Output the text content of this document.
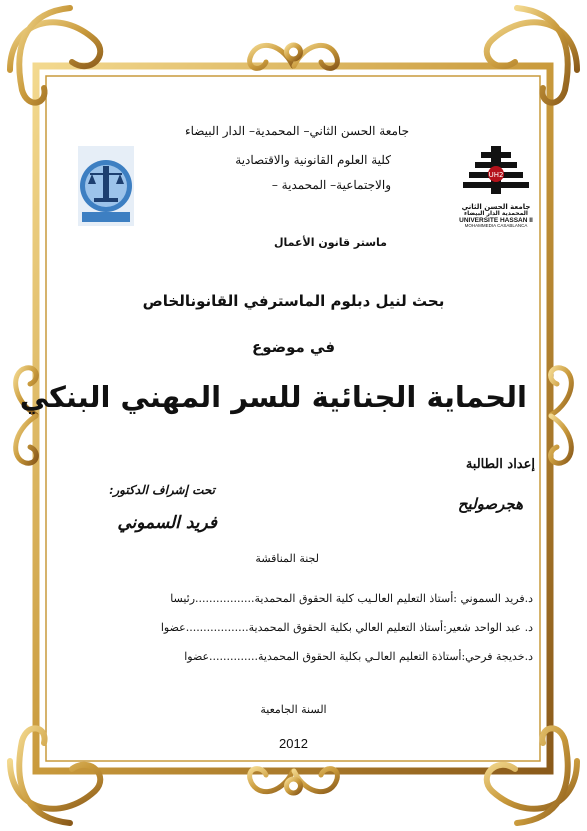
UH2
جامعة الحسن الثاني
المحمدية الدار البيضاء
UNIVERSITE HASSAN II
MOHAMMEDIA CASABLANCA
جامعة الحسن الثاني– المحمدية– الدار البيضاء
كلية العلوم القانونية والاقتصادية
والاجتماعية– المحمدية –
ماستر قانون الأعمال
بحث لنيل دبلوم الماسترفي القانونالخاص
في موضوع
الحماية الجنائية للسر المهني البنكي
إعداد الطالبة
هجرصوليح
تحت إشراف الدكتور:
فريد السموني
لجنة المناقشة
د.فريد السموني :أستاذ التعليم العالـيب كلية الحقوق المحمدية.................رئيسا
د. عبد الواحد شعير:أستاذ التعليم العالي بكلية الحقوق المحمدية..................عضوا
د.خديجة فرحي:أستاذة التعليم العالـي بكلية الحقوق المحمدية..............عضوا
السنة الجامعية
2012
